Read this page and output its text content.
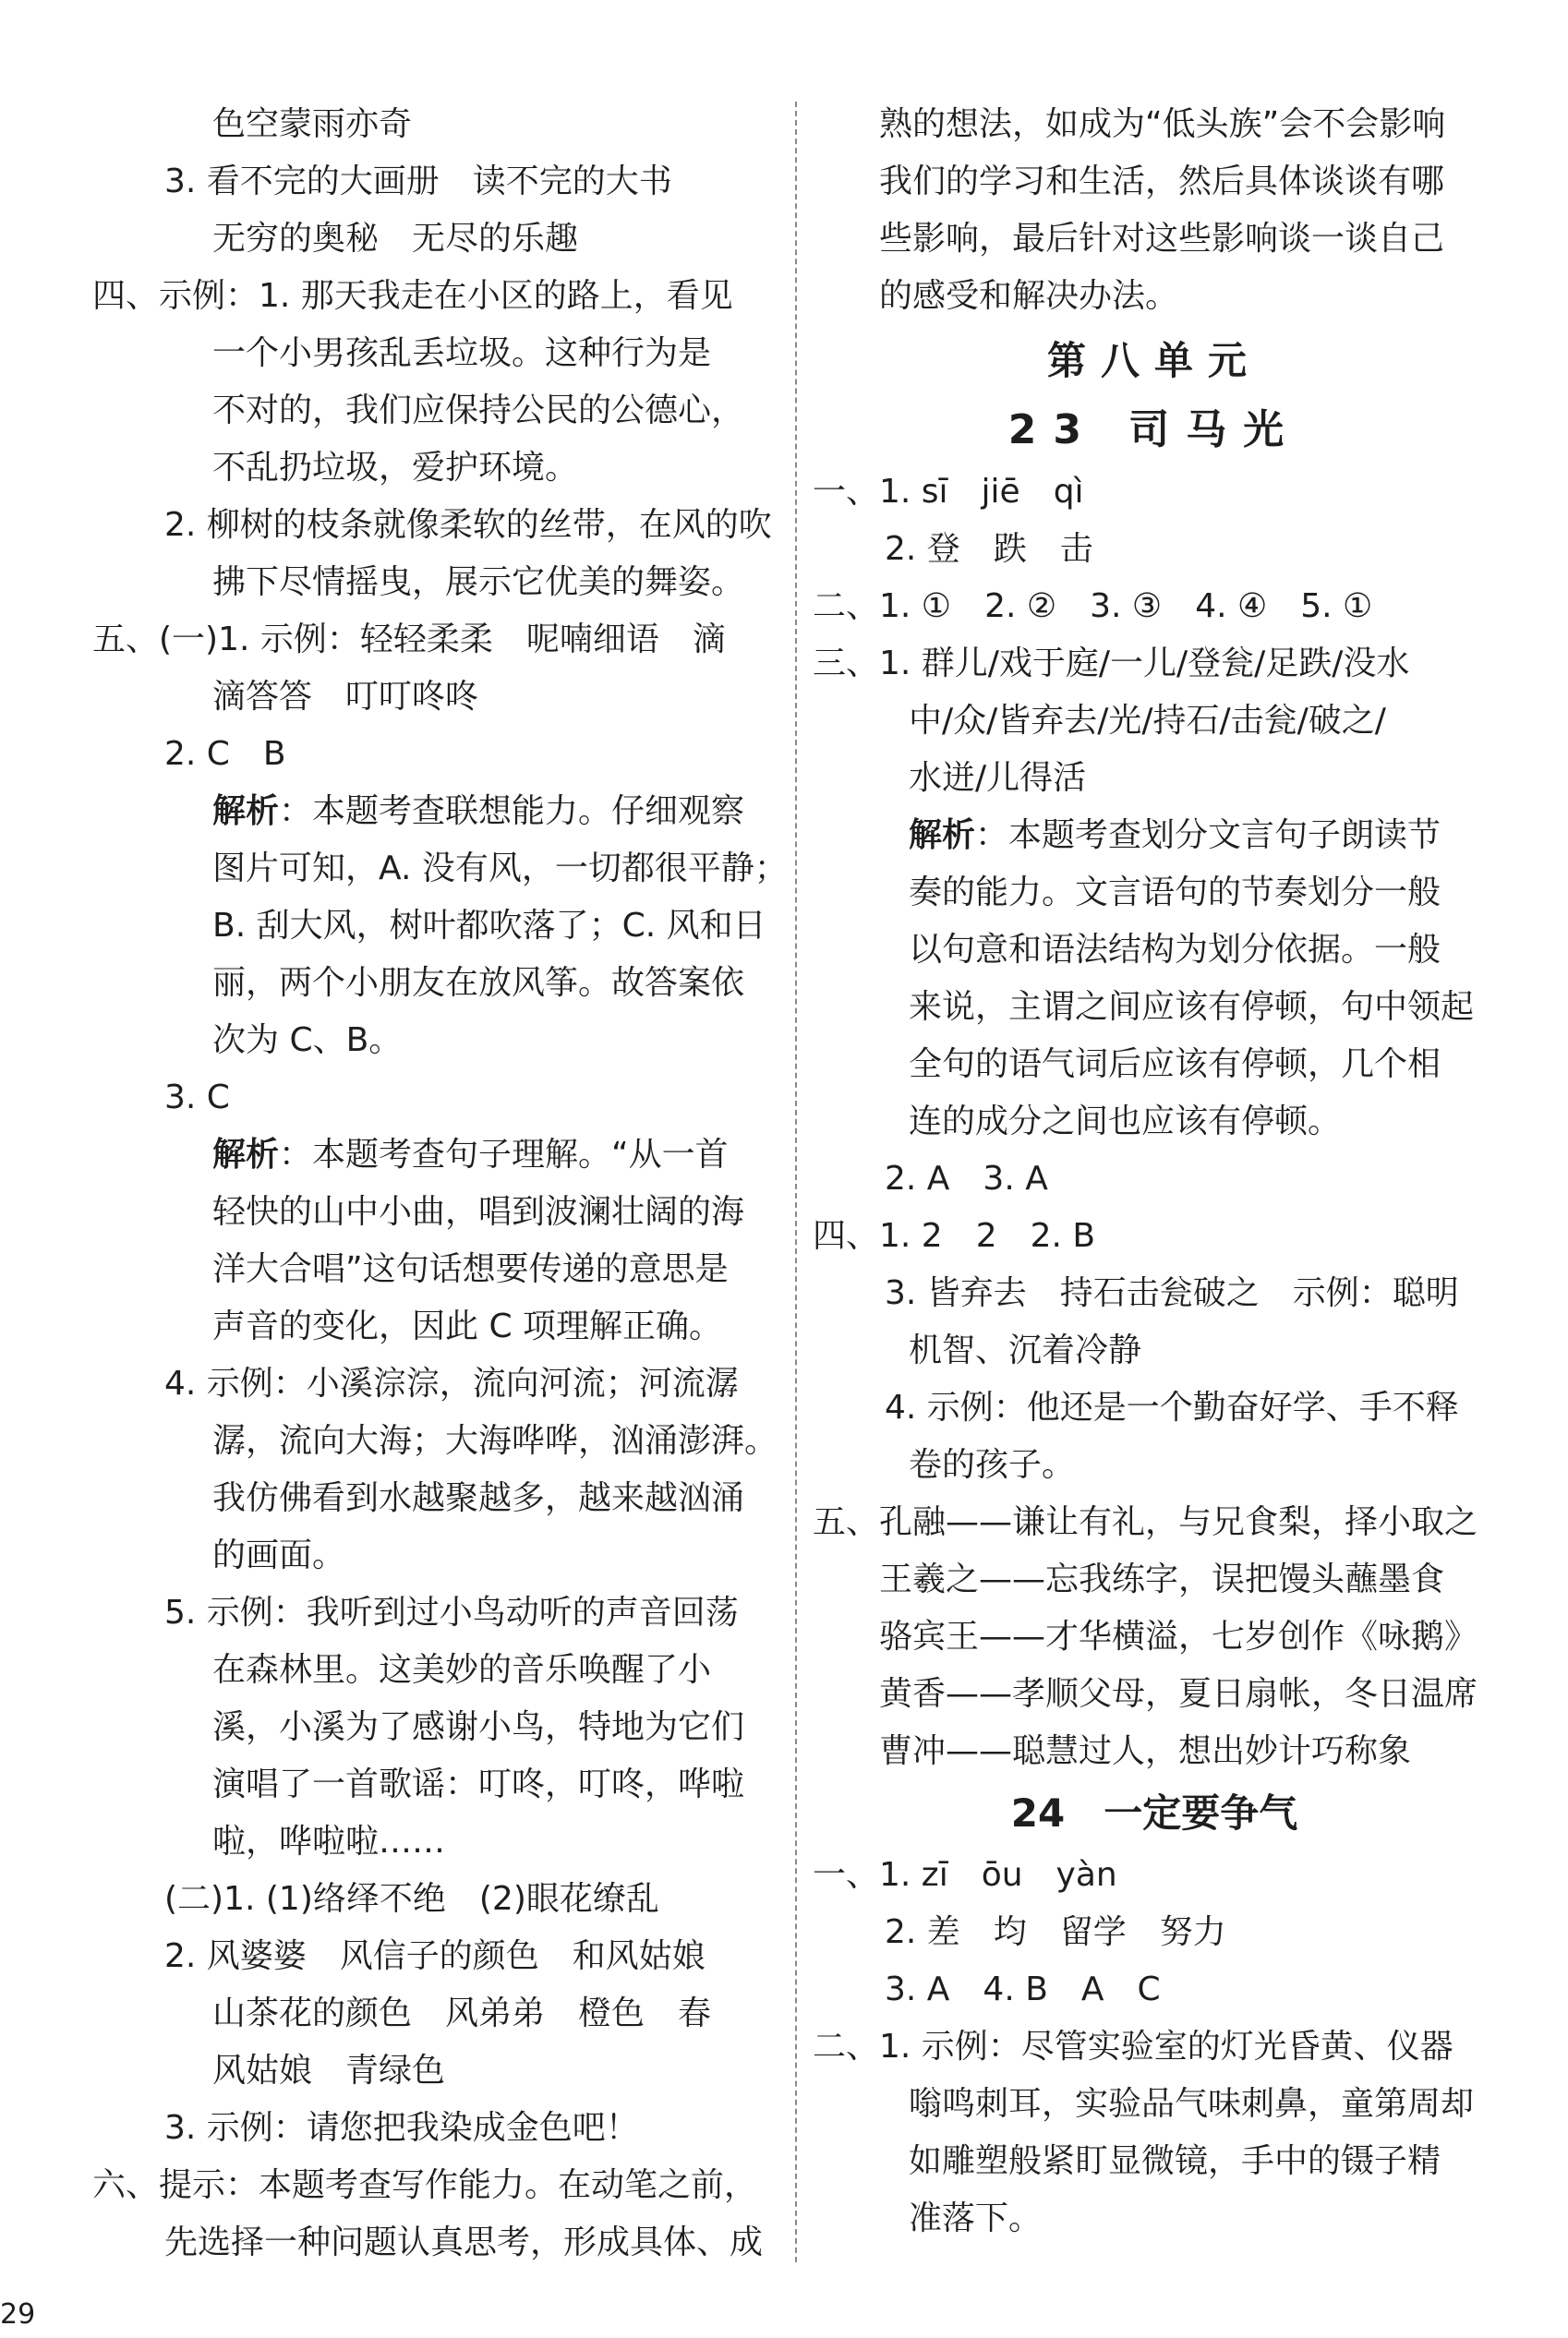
色空蒙雨亦奇
3. 看不完的大画册　读不完的大书
无穷的奥秘　无尽的乐趣
四、示例：1. 那天我走在小区的路上，看见
一个小男孩乱丢垃圾。这种行为是
不对的，我们应保持公民的公德心，
不乱扔垃圾，爱护环境。
2. 柳树的枝条就像柔软的丝带，在风的吹
拂下尽情摇曳，展示它优美的舞姿。
五、(一)1. 示例：轻轻柔柔　呢喃细语　滴
滴答答　叮叮咚咚
2. C　B
解析：本题考查联想能力。仔细观察
图片可知，A. 没有风，一切都很平静；
B. 刮大风，树叶都吹落了；C. 风和日
丽，两个小朋友在放风筝。故答案依
次为 C、B。
3. C
解析：本题考查句子理解。“从一首
轻快的山中小曲，唱到波澜壮阔的海
洋大合唱”这句话想要传递的意思是
声音的变化，因此 C 项理解正确。
4. 示例：小溪淙淙，流向河流；河流潺
潺，流向大海；大海哗哗，汹涌澎湃。
我仿佛看到水越聚越多，越来越汹涌
的画面。
5. 示例：我听到过小鸟动听的声音回荡
在森林里。这美妙的音乐唤醒了小
溪，小溪为了感谢小鸟，特地为它们
演唱了一首歌谣：叮咚，叮咚，哗啦
啦，哗啦啦……
(二)1. (1)络绎不绝　(2)眼花缭乱
2. 风婆婆　风信子的颜色　和风姑娘
山茶花的颜色　风弟弟　橙色　春
风姑娘　青绿色
3. 示例：请您把我染成金色吧！
六、提示：本题考查写作能力。在动笔之前，
先选择一种问题认真思考，形成具体、成
熟的想法，如成为“低头族”会不会影响
我们的学习和生活，然后具体谈谈有哪
些影响，最后针对这些影响谈一谈自己
的感受和解决办法。
第八单元
23 司马光
一、1. sī　jiē　qì
2. 登　跌　击
二、1. ①　2. ②　3. ③　4. ④　5. ①
三、1. 群儿/戏于庭/一儿/登瓮/足跌/没水
中/众/皆弃去/光/持石/击瓮/破之/
水迸/儿得活
解析：本题考查划分文言句子朗读节
奏的能力。文言语句的节奏划分一般
以句意和语法结构为划分依据。一般
来说，主谓之间应该有停顿，句中领起
全句的语气词后应该有停顿，几个相
连的成分之间也应该有停顿。
2. A　3. A
四、1. 2　2　2. B
3. 皆弃去　持石击瓮破之　示例：聪明
机智、沉着冷静
4. 示例：他还是一个勤奋好学、手不释
卷的孩子。
五、孔融——谦让有礼，与兄食梨，择小取之
王羲之——忘我练字，误把馒头蘸墨食
骆宾王——才华横溢，七岁创作《咏鹅》
黄香——孝顺父母，夏日扇帐，冬日温席
曹冲——聪慧过人，想出妙计巧称象
24　一定要争气
一、1. zī　ōu　yàn
2. 差　均　留学　努力
3. A　4. B　A　C
二、1. 示例：尽管实验室的灯光昏黄、仪器
嗡鸣刺耳，实验品气味刺鼻，童第周却
如雕塑般紧盯显微镜，手中的镊子精
准落下。
29
